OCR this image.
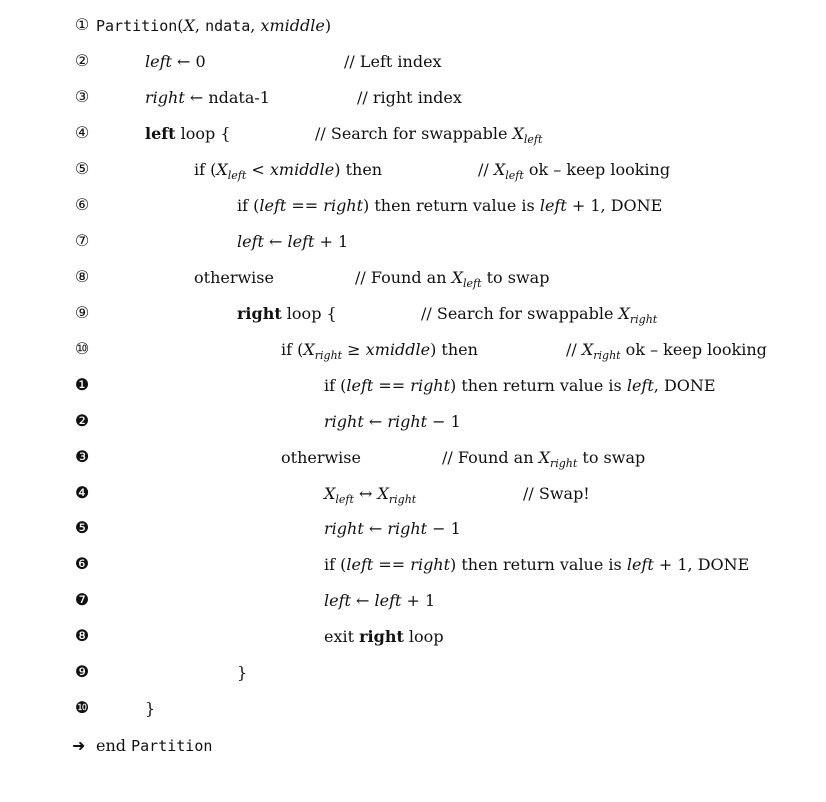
① Partition(X, ndata, xmiddle)
②	left ← 0	// Left index
③	right ← ndata-1	// right index
④	left loop {	// Search for swappable $X_{left}$
⑤	if ($X_{left}$ < xmiddle) then	// $X_{left}$ ok – keep looking
⑥	if (left == right) then return value is left + 1, DONE
⑦	left ← left + 1
⑧	otherwise	// Found an $X_{left}$ to swap
⑨	right loop {	// Search for swappable $X_{right}$
⑩	if ($X_{right}$ ≥ xmiddle) then	// $X_{right}$ ok – keep looking
❶	if (left == right) then return value is left, DONE
❷	right ← right − 1
❸	otherwise	// Found an $X_{right}$ to swap
❹	$X_{left}$ ↔ $X_{right}$	// Swap!
❺	right ← right − 1
❻	if (left == right) then return value is left + 1, DONE
❼	left ← left + 1
❽	exit right loop
❾	}
❿	}
➜ end Partition
